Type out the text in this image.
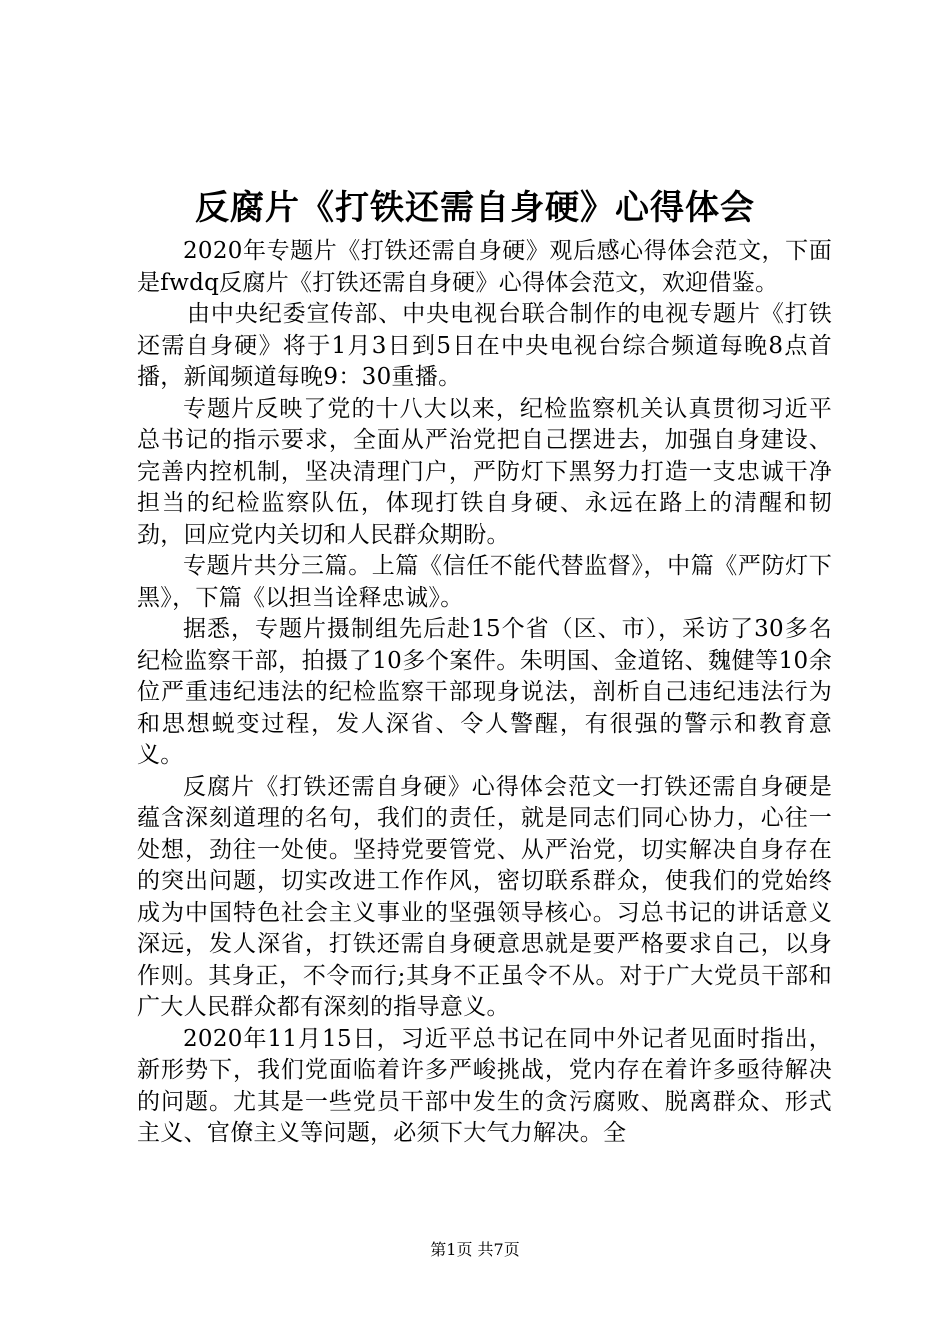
反腐片《打铁还需自身硬》心得体会

2020年专题片《打铁还需自身硬》观后感心得体会范文，下面是fwdq反腐片《打铁还需自身硬》心得体会范文，欢迎借鉴。

由中央纪委宣传部、中央电视台联合制作的电视专题片《打铁还需自身硬》将于1月3日到5日在中央电视台综合频道每晚8点首播，新闻频道每晚9：30重播。

专题片反映了党的十八大以来，纪检监察机关认真贯彻习近平总书记的指示要求，全面从严治党把自己摆进去，加强自身建设、完善内控机制，坚决清理门户，严防灯下黑努力打造一支忠诚干净担当的纪检监察队伍，体现打铁自身硬、永远在路上的清醒和韧劲，回应党内关切和人民群众期盼。

专题片共分三篇。上篇《信任不能代替监督》，中篇《严防灯下黑》，下篇《以担当诠释忠诚》。

据悉，专题片摄制组先后赴15个省（区、市），采访了30多名纪检监察干部，拍摄了10多个案件。朱明国、金道铭、魏健等10余位严重违纪违法的纪检监察干部现身说法，剖析自己违纪违法行为和思想蜕变过程，发人深省、令人警醒，有很强的警示和教育意义。

反腐片《打铁还需自身硬》心得体会范文一打铁还需自身硬是蕴含深刻道理的名句，我们的责任，就是同志们同心协力，心往一处想，劲往一处使。坚持党要管党、从严治党，切实解决自身存在的突出问题，切实改进工作作风，密切联系群众，使我们的党始终成为中国特色社会主义事业的坚强领导核心。习总书记的讲话意义深远，发人深省，打铁还需自身硬意思就是要严格要求自己，以身作则。其身正，不令而行;其身不正虽令不从。对于广大党员干部和广大人民群众都有深刻的指导意义。

2020年11月15日，习近平总书记在同中外记者见面时指出，新形势下，我们党面临着许多严峻挑战，党内存在着许多亟待解决的问题。尤其是一些党员干部中发生的贪污腐败、脱离群众、形式主义、官僚主义等问题，必须下大气力解决。全

第1页 共7页
